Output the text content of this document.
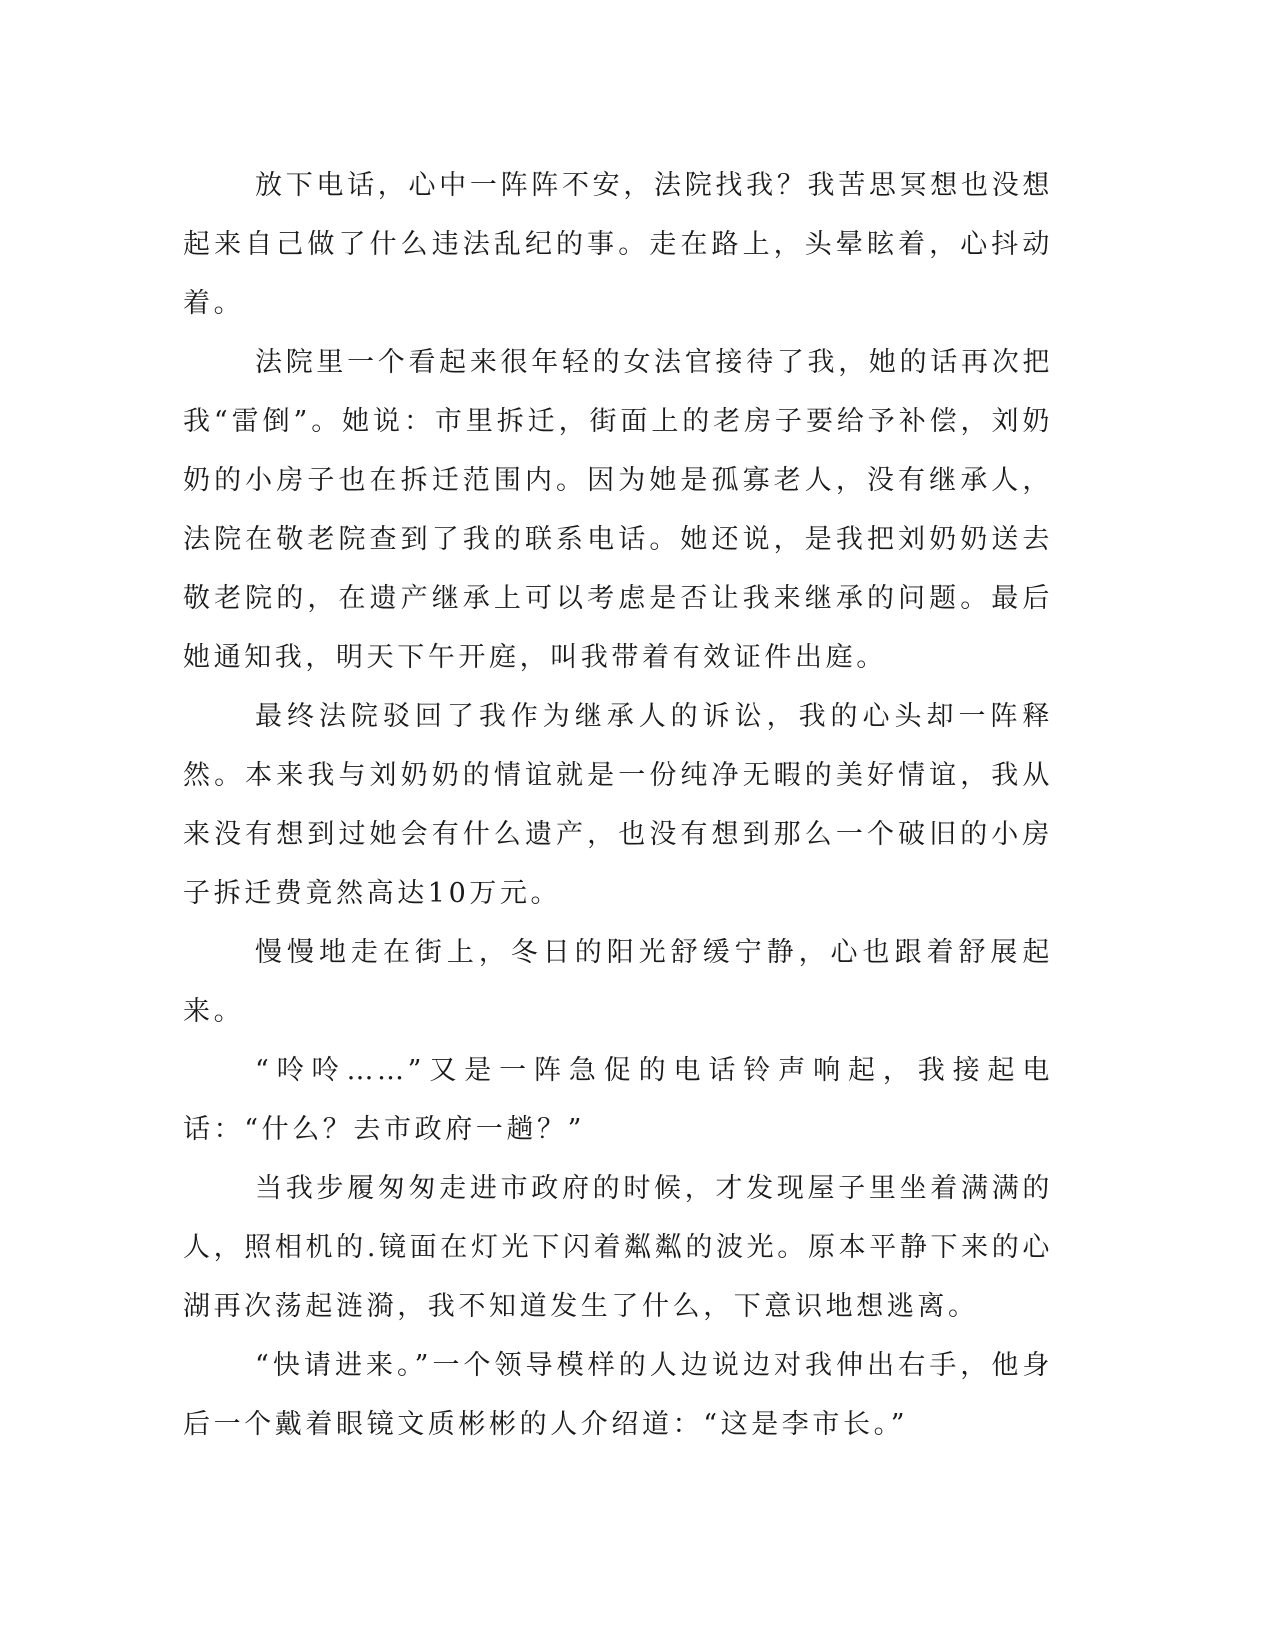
放下电话，心中一阵阵不安，法院找我？我苦思冥想也没想起来自己做了什么违法乱纪的事。走在路上，头晕眩着，心抖动着。

法院里一个看起来很年轻的女法官接待了我，她的话再次把我“雷倒”。她说：市里拆迁，街面上的老房子要给予补偿，刘奶奶的小房子也在拆迁范围内。因为她是孤寡老人，没有继承人，法院在敬老院查到了我的联系电话。她还说，是我把刘奶奶送去敬老院的，在遗产继承上可以考虑是否让我来继承的问题。最后她通知我，明天下午开庭，叫我带着有效证件出庭。

最终法院驳回了我作为继承人的诉讼，我的心头却一阵释然。本来我与刘奶奶的情谊就是一份纯净无暇的美好情谊，我从来没有想到过她会有什么遗产，也没有想到那么一个破旧的小房子拆迁费竟然高达10万元。

慢慢地走在街上，冬日的阳光舒缓宁静，心也跟着舒展起来。

“呤呤……”又是一阵急促的电话铃声响起，我接起电话：“什么？去市政府一趟？”

当我步履匆匆走进市政府的时候，才发现屋子里坐着满满的人，照相机的.镜面在灯光下闪着粼粼的波光。原本平静下来的心湖再次荡起涟漪，我不知道发生了什么，下意识地想逃离。

“快请进来。”一个领导模样的人边说边对我伸出右手，他身后一个戴着眼镜文质彬彬的人介绍道：“这是李市长。”
